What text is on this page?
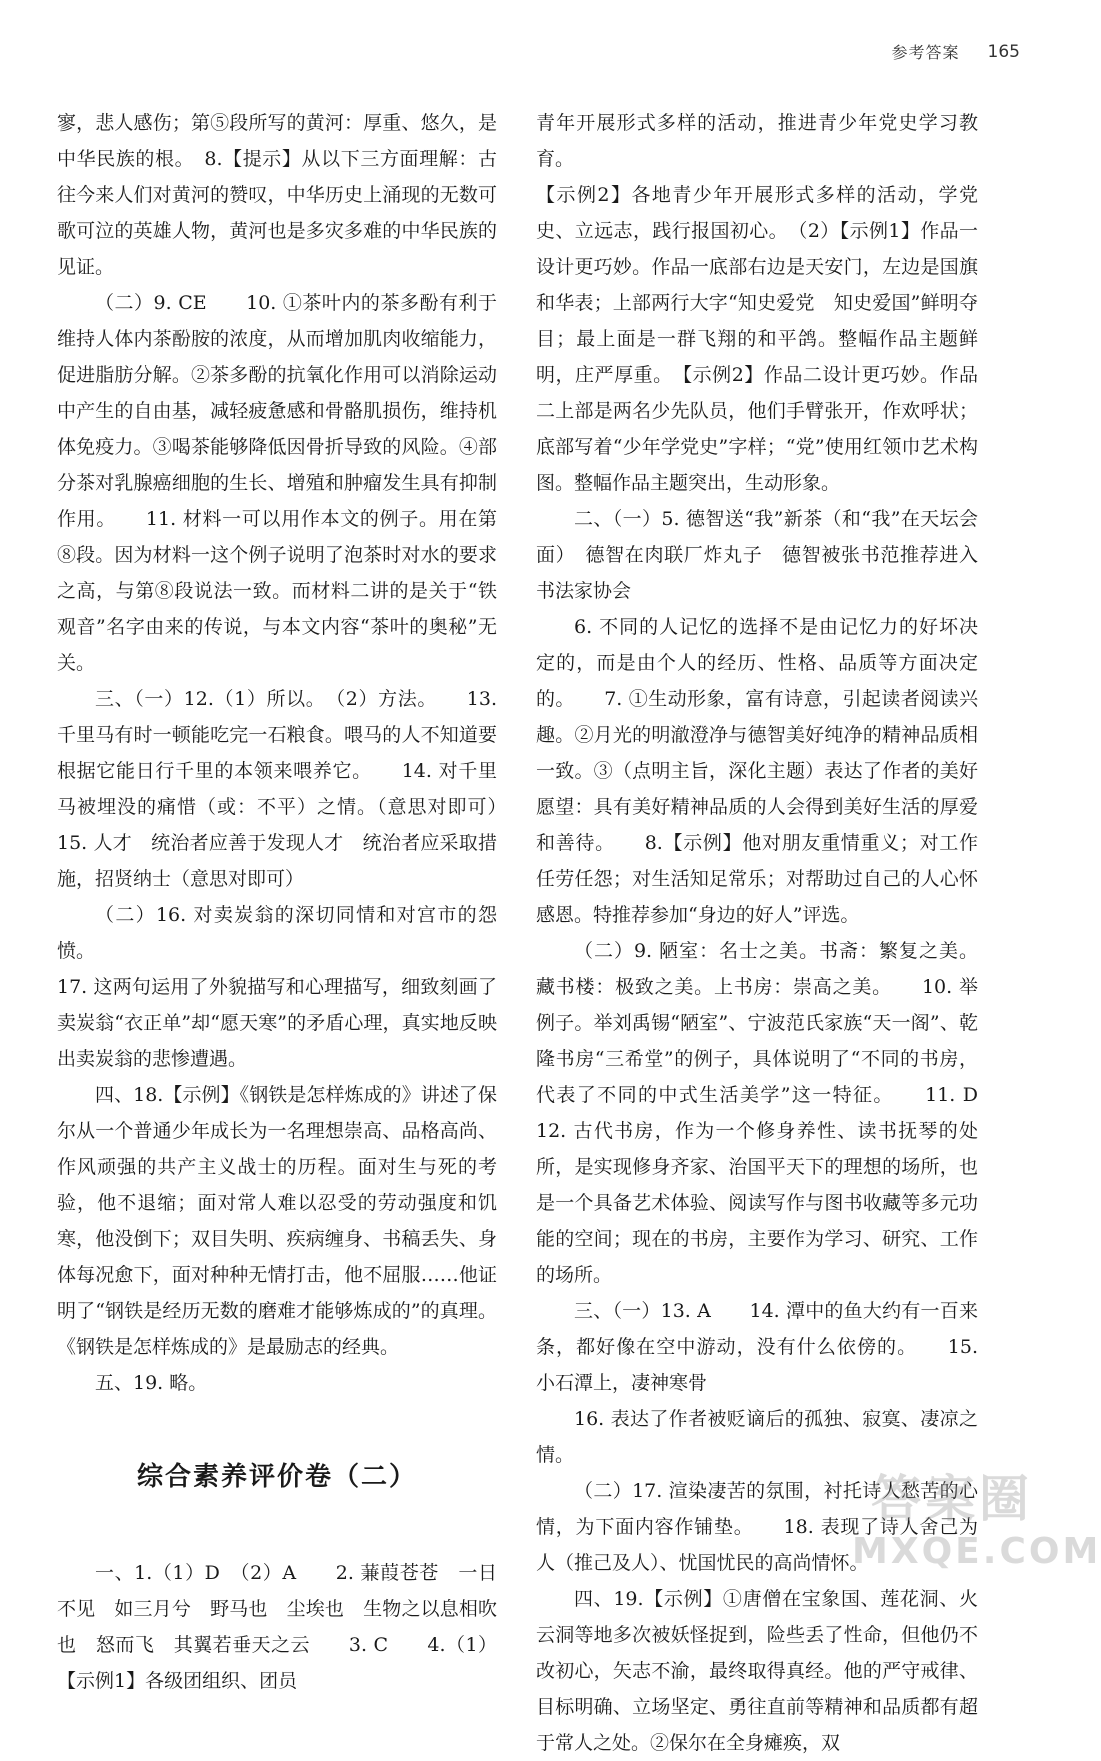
参考答案 165

寥，悲人感伤；第⑤段所写的黄河：厚重、悠久，是中华民族的根。　8.【提示】从以下三方面理解：古往今来人们对黄河的赞叹，中华历史上涌现的无数可歌可泣的英雄人物，黄河也是多灾多难的中华民族的见证。

（二）9. CE　　10. ①茶叶内的茶多酚有利于维持人体内茶酚胺的浓度，从而增加肌肉收缩能力，促进脂肪分解。②茶多酚的抗氧化作用可以消除运动中产生的自由基，减轻疲惫感和骨骼肌损伤，维持机体免疫力。③喝茶能够降低因骨折导致的风险。④部分茶对乳腺癌细胞的生长、增殖和肿瘤发生具有抑制作用。　　11. 材料一可以用作本文的例子。用在第⑧段。因为材料一这个例子说明了泡茶时对水的要求之高，与第⑧段说法一致。而材料二讲的是关于“铁观音”名字由来的传说，与本文内容“茶叶的奥秘”无关。

三、（一）12.（1）所以。　（2）方法。　　13. 千里马有时一顿能吃完一石粮食。喂马的人不知道要根据它能日行千里的本领来喂养它。　　14. 对千里马被埋没的痛惜（或：不平）之情。（意思对即可）　　15. 人才　统治者应善于发现人才　统治者应采取措施，招贤纳士（意思对即可）

（二）16. 对卖炭翁的深切同情和对宫市的怨愤。

17. 这两句运用了外貌描写和心理描写，细致刻画了卖炭翁“衣正单”却“愿天寒”的矛盾心理，真实地反映出卖炭翁的悲惨遭遇。

四、18.【示例】《钢铁是怎样炼成的》讲述了保尔从一个普通少年成长为一名理想崇高、品格高尚、作风顽强的共产主义战士的历程。面对生与死的考验，他不退缩；面对常人难以忍受的劳动强度和饥寒，他没倒下；双目失明、疾病缠身、书稿丢失、身体每况愈下，面对种种无情打击，他不屈服……他证明了“钢铁是经历无数的磨难才能够炼成的”的真理。《钢铁是怎样炼成的》是最励志的经典。

五、19. 略。

综合素养评价卷（二）

一、1.（1）D　（2）A　　2. 蒹葭苍苍　一日不见　如三月兮　野马也　尘埃也　生物之以息相吹也　怒而飞　其翼若垂天之云　　3. C　　4.（1）【示例1】各级团组织、团员

青年开展形式多样的活动，推进青少年党史学习教育。

【示例2】各地青少年开展形式多样的活动，学党史、立远志，践行报国初心。　（2）【示例1】作品一设计更巧妙。作品一底部右边是天安门，左边是国旗和华表；上部两行大字“知史爱党　知史爱国”鲜明夺目；最上面是一群飞翔的和平鸽。整幅作品主题鲜明，庄严厚重。　【示例2】作品二设计更巧妙。作品二上部是两名少先队员，他们手臂张开，作欢呼状；底部写着“少年学党史”字样；“党”使用红领巾艺术构图。整幅作品主题突出，生动形象。

二、（一）5. 德智送“我”新茶（和“我”在天坛会面）　德智在肉联厂炸丸子　德智被张书范推荐进入书法家协会

6. 不同的人记忆的选择不是由记忆力的好坏决定的，而是由个人的经历、性格、品质等方面决定的。　　7. ①生动形象，富有诗意，引起读者阅读兴趣。②月光的明澈澄净与德智美好纯净的精神品质相一致。③（点明主旨，深化主题）表达了作者的美好愿望：具有美好精神品质的人会得到美好生活的厚爱和善待。　　8.【示例】他对朋友重情重义；对工作任劳任怨；对生活知足常乐；对帮助过自己的人心怀感恩。特推荐参加“身边的好人”评选。

（二）9. 陋室：名士之美。书斋：繁复之美。藏书楼：极致之美。上书房：崇高之美。　　10. 举例子。举刘禹锡“陋室”、宁波范氏家族“天一阁”、乾隆书房“三希堂”的例子，具体说明了“不同的书房，代表了不同的中式生活美学”这一特征。　　11. D　　12. 古代书房，作为一个修身养性、读书抚琴的处所，是实现修身齐家、治国平天下的理想的场所，也是一个具备艺术体验、阅读写作与图书收藏等多元功能的空间；现在的书房，主要作为学习、研究、工作的场所。

三、（一）13. A　　14. 潭中的鱼大约有一百来条，都好像在空中游动，没有什么依傍的。　　15. 小石潭上，凄神寒骨

16. 表达了作者被贬谪后的孤独、寂寞、凄凉之情。

（二）17. 渲染凄苦的氛围，衬托诗人愁苦的心情，为下面内容作铺垫。　　18. 表现了诗人舍己为人（推己及人）、忧国忧民的高尚情怀。

四、19.【示例】①唐僧在宝象国、莲花洞、火云洞等地多次被妖怪捉到，险些丢了性命，但他仍不改初心，矢志不渝，最终取得真经。他的严守戒律、目标明确、立场坚定、勇往直前等精神和品质都有超于常人之处。②保尔在全身瘫痪，双

答案圈
MXQE.COM
